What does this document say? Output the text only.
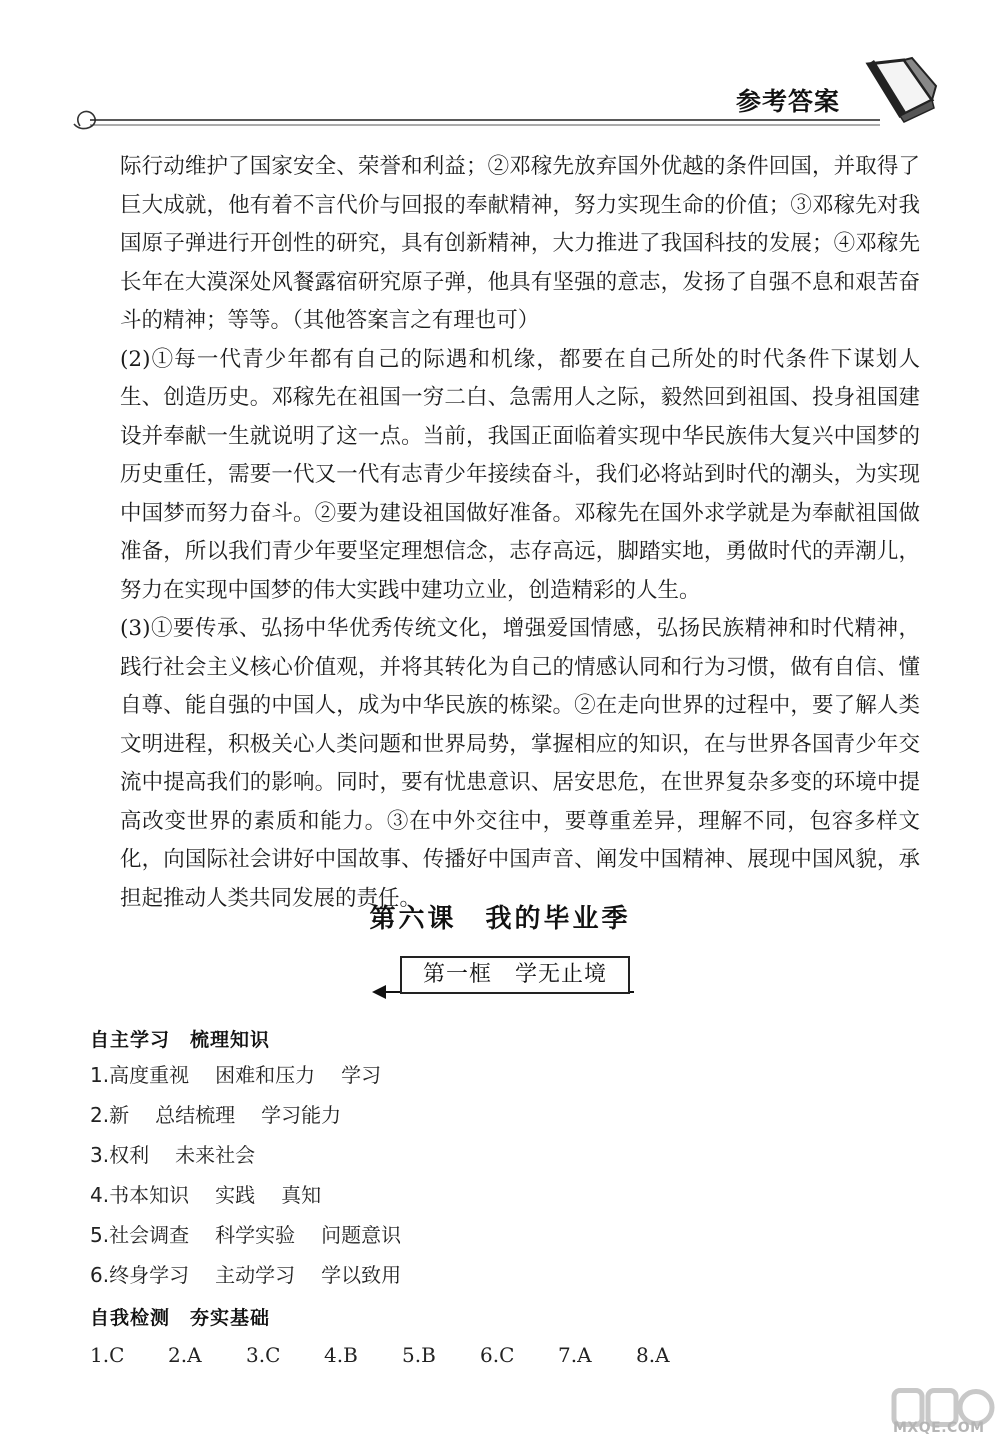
参考答案

际行动维护了国家安全、荣誉和利益；②邓稼先放弃国外优越的条件回国，并取得了巨大成就，他有着不言代价与回报的奉献精神，努力实现生命的价值；③邓稼先对我国原子弹进行开创性的研究，具有创新精神，大力推进了我国科技的发展；④邓稼先长年在大漠深处风餐露宿研究原子弹，他具有坚强的意志，发扬了自强不息和艰苦奋斗的精神；等等。（其他答案言之有理也可）

(2)①每一代青少年都有自己的际遇和机缘，都要在自己所处的时代条件下谋划人生、创造历史。邓稼先在祖国一穷二白、急需用人之际，毅然回到祖国、投身祖国建设并奉献一生就说明了这一点。当前，我国正面临着实现中华民族伟大复兴中国梦的历史重任，需要一代又一代有志青少年接续奋斗，我们必将站到时代的潮头，为实现中国梦而努力奋斗。②要为建设祖国做好准备。邓稼先在国外求学就是为奉献祖国做准备，所以我们青少年要坚定理想信念，志存高远，脚踏实地，勇做时代的弄潮儿，努力在实现中国梦的伟大实践中建功立业，创造精彩的人生。

(3)①要传承、弘扬中华优秀传统文化，增强爱国情感，弘扬民族精神和时代精神，践行社会主义核心价值观，并将其转化为自己的情感认同和行为习惯，做有自信、懂自尊、能自强的中国人，成为中华民族的栋梁。②在走向世界的过程中，要了解人类文明进程，积极关心人类问题和世界局势，掌握相应的知识，在与世界各国青少年交流中提高我们的影响。同时，要有忧患意识、居安思危，在世界复杂多变的环境中提高改变世界的素质和能力。③在中外交往中，要尊重差异，理解不同，包容多样文化，向国际社会讲好中国故事、传播好中国声音、阐发中国精神、展现中国风貌，承担起推动人类共同发展的责任。

第六课　我的毕业季
第一框　学无止境
自主学习　梳理知识
1.高度重视 困难和压力 学习
2.新 总结梳理 学习能力
3.权利 未来社会
4.书本知识 实践 真知
5.社会调查 科学实验 问题意识
6.终身学习 主动学习 学以致用
自我检测　夯实基础
1.C 2.A 3.C 4.B 5.B 6.C 7.A 8.A
MXQE.COM
